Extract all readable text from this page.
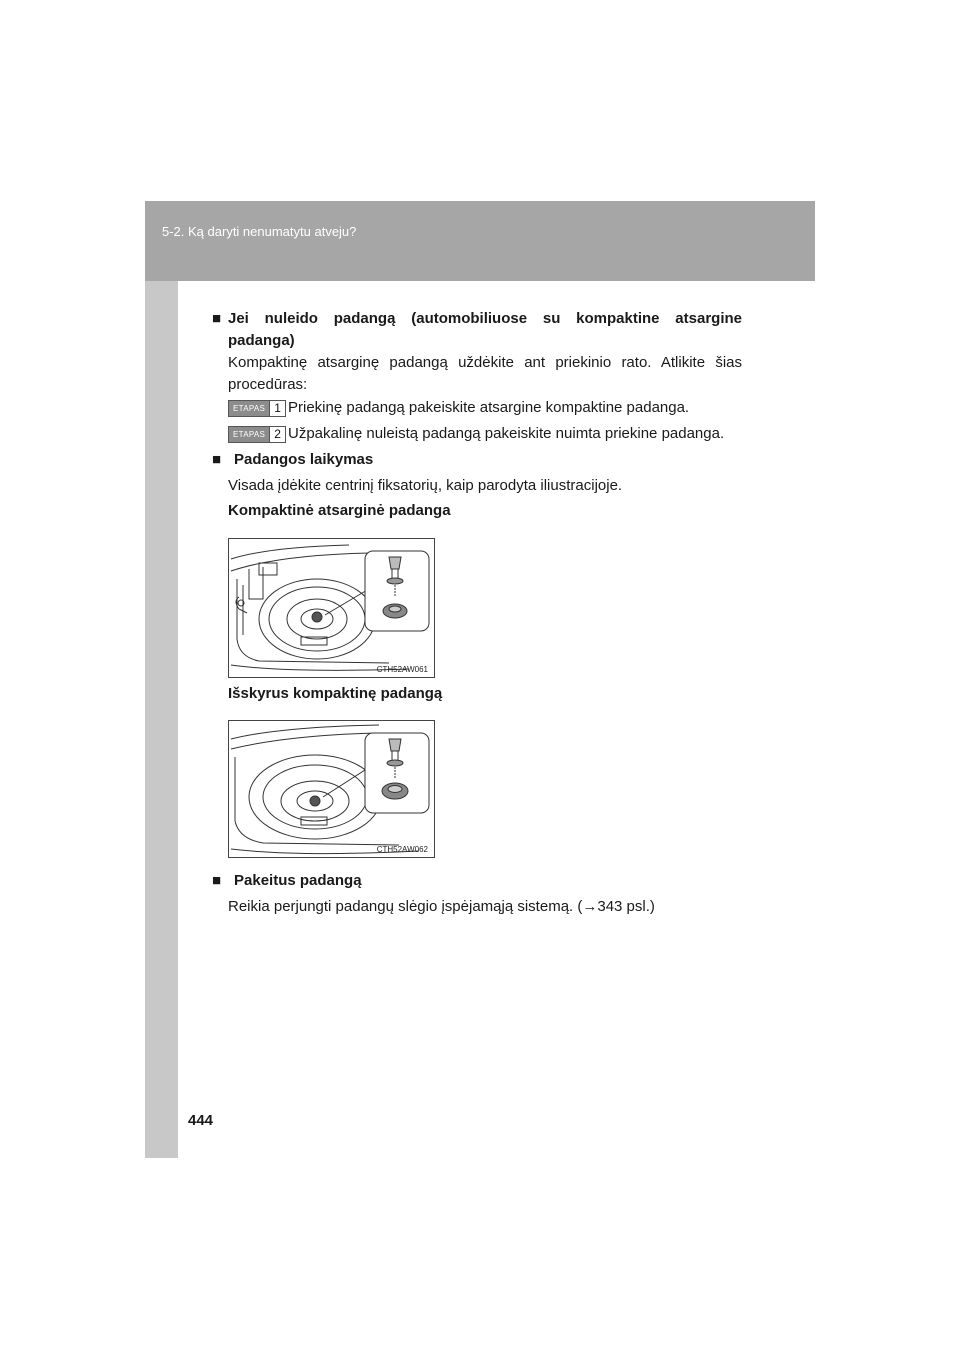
5-2. Ką daryti nenumatytu atveju?
■ Jei nuleido padangą (automobiliuose su kompaktine atsargine padanga)
Kompaktinę atsarginę padangą uždėkite ant priekinio rato. Atlikite šias procedūras:
ETAPAS 1 Priekinę padangą pakeiskite atsargine kompaktine padanga.
ETAPAS 2 Užpakalinę nuleistą padangą pakeiskite nuimta priekine padanga.
■ Padangos laikymas
Visada įdėkite centrinį fiksatorių, kaip parodyta iliustracijoje.
Kompaktinė atsarginė padanga
CTH52AW061
Išskyrus kompaktinę padangą
CTH52AW062
■ Pakeitus padangą
Reikia perjungti padangų slėgio įspėjamąją sistemą. (→343 psl.)
444
